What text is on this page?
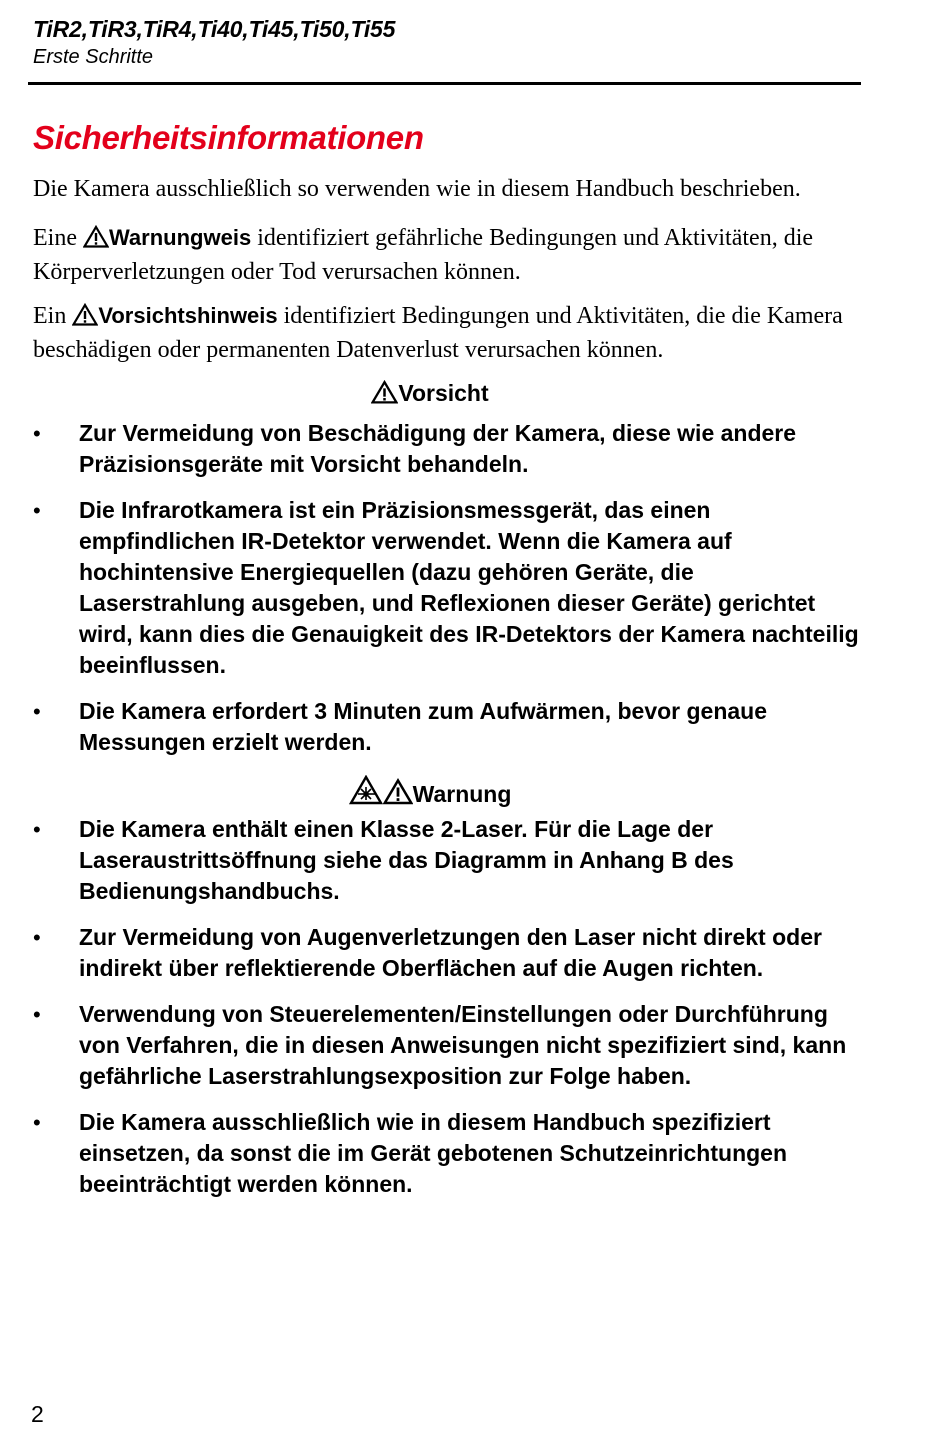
TiR2,TiR3,TiR4,Ti40,Ti45,Ti50,Ti55
Erste Schritte
Sicherheitsinformationen

Die Kamera ausschließlich so verwenden wie in diesem Handbuch beschrieben.

Eine Warnungweis identifiziert gefährliche Bedingungen und Aktivitäten, die Körperverletzungen oder Tod verursachen können.

Ein Vorsichtshinweis identifiziert Bedingungen und Aktivitäten, die die Kamera beschädigen oder permanenten Datenverlust verursachen können.

Vorsicht
• Zur Vermeidung von Beschädigung der Kamera, diese wie andere Präzisionsgeräte mit Vorsicht behandeln.
• Die Infrarotkamera ist ein Präzisionsmessgerät, das einen empfindlichen IR-Detektor verwendet. Wenn die Kamera auf hochintensive Energiequellen (dazu gehören Geräte, die Laserstrahlung ausgeben, und Reflexionen dieser Geräte) gerichtet wird, kann dies die Genauigkeit des IR-Detektors der Kamera nachteilig beeinflussen.
• Die Kamera erfordert 3 Minuten zum Aufwärmen, bevor genaue Messungen erzielt werden.
Warnung
• Die Kamera enthält einen Klasse 2-Laser. Für die Lage der Laseraustrittsöffnung siehe das Diagramm in Anhang B des Bedienungshandbuchs.
• Zur Vermeidung von Augenverletzungen den Laser nicht direkt oder indirekt über reflektierende Oberflächen auf die Augen richten.
• Verwendung von Steuerelementen/Einstellungen oder Durchführung von Verfahren, die in diesen Anweisungen nicht spezifiziert sind, kann gefährliche Laserstrahlungsexposition zur Folge haben.
• Die Kamera ausschließlich wie in diesem Handbuch spezifiziert einsetzen, da sonst die im Gerät gebotenen Schutzeinrichtungen beeinträchtigt werden können.
2
